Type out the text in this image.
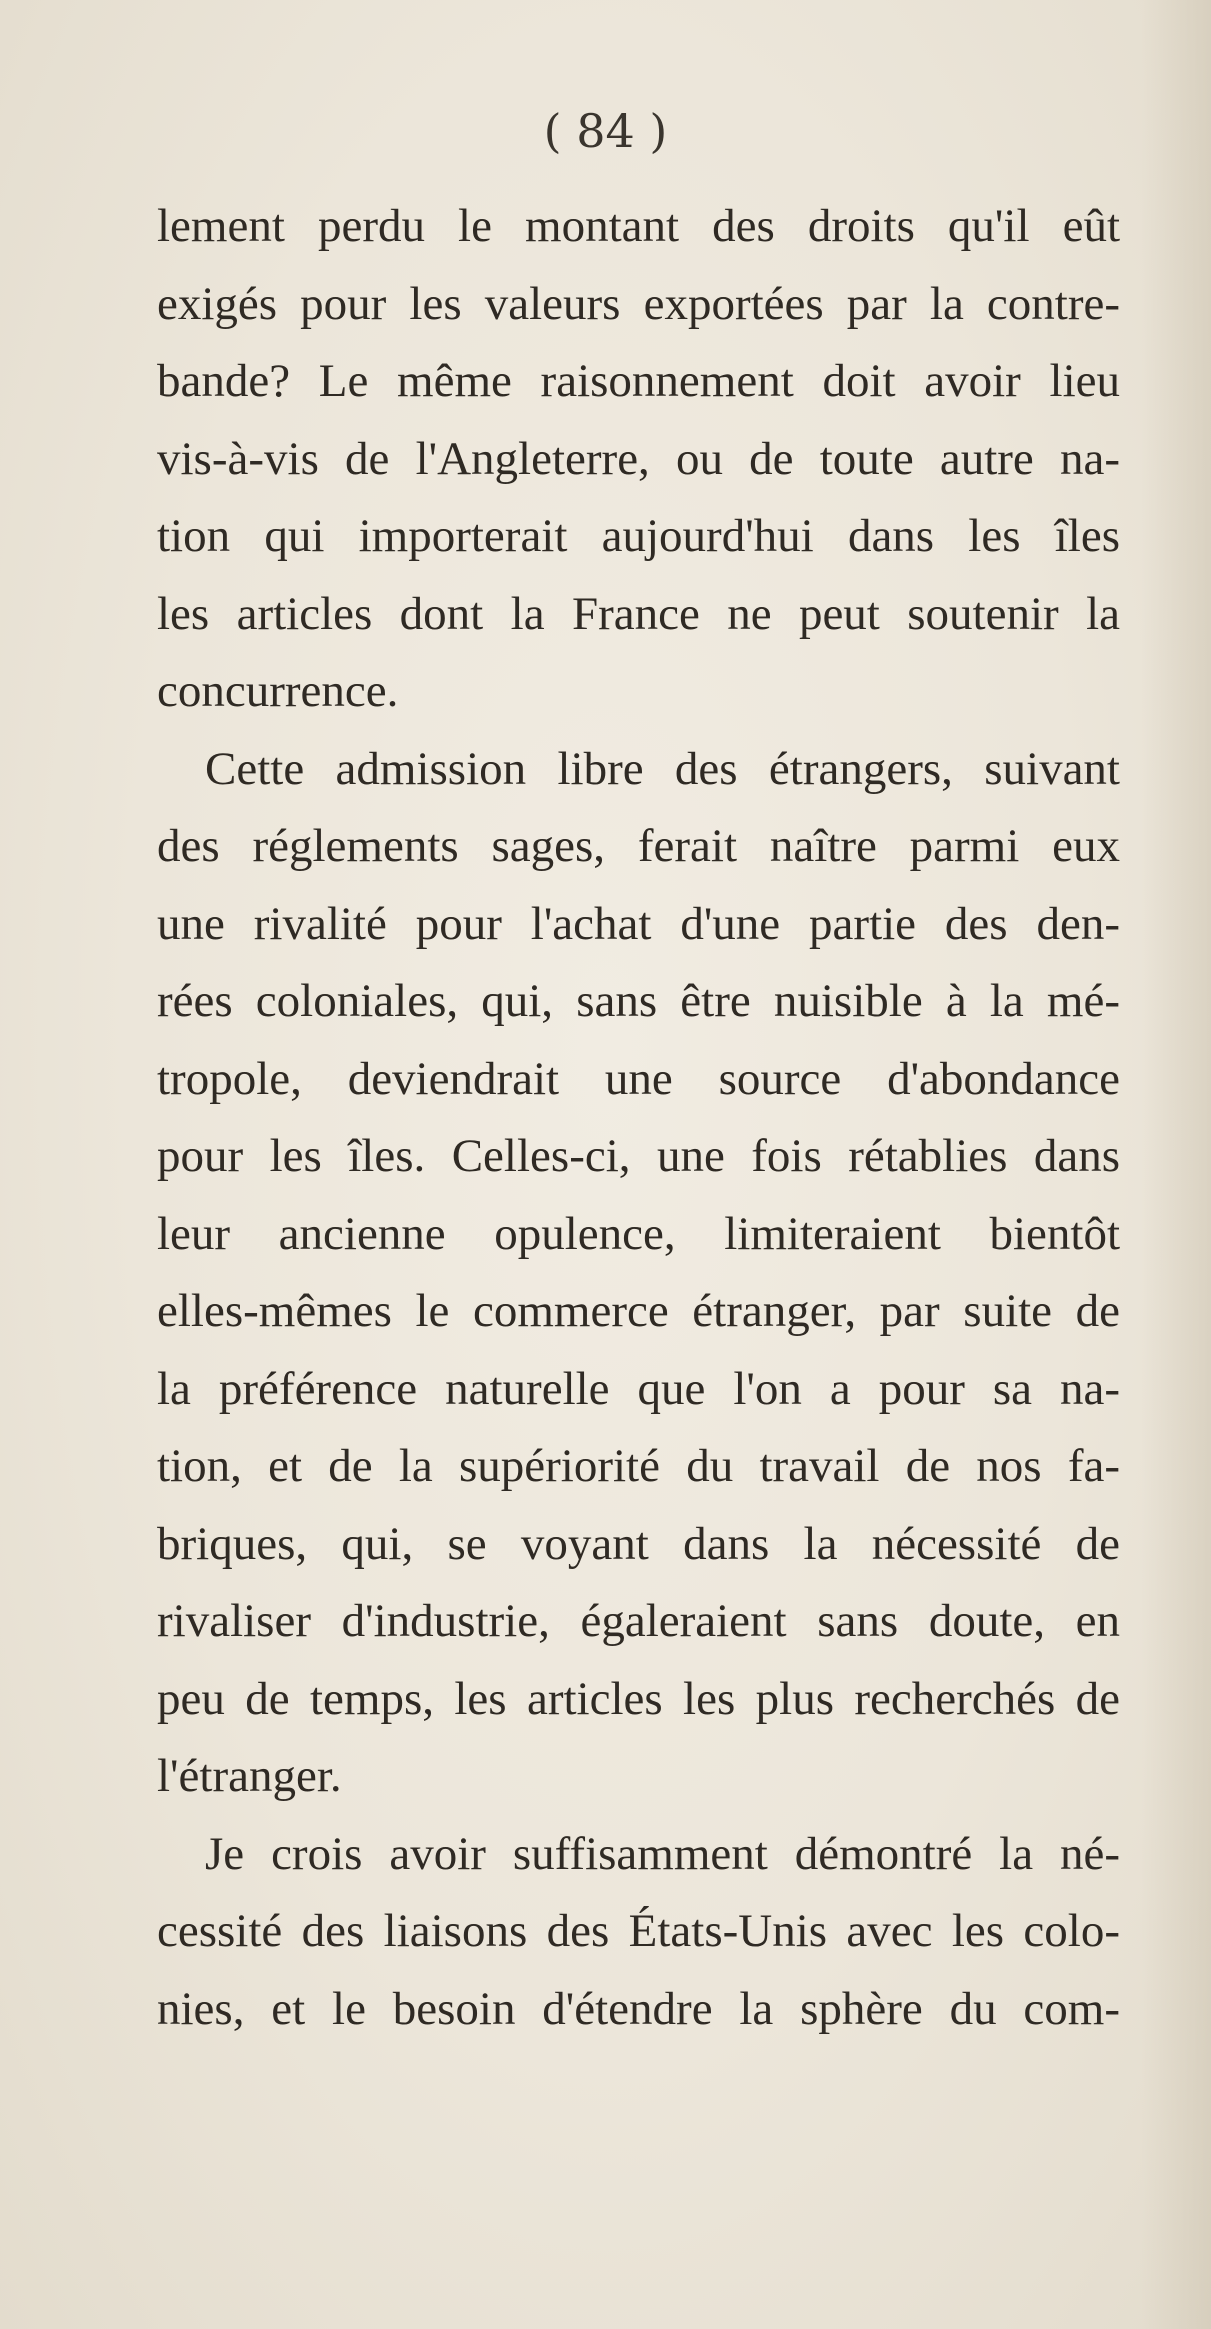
( 84 )
lement perdu le montant des droits qu'il eût
exigés pour les valeurs exportées par la contre-
bande? Le même raisonnement doit avoir lieu
vis-à-vis de l'Angleterre, ou de toute autre na-
tion qui importerait aujourd'hui dans les îles
les articles dont la France ne peut soutenir la
concurrence.
Cette admission libre des étrangers, suivant
des réglements sages, ferait naître parmi eux
une rivalité pour l'achat d'une partie des den-
rées coloniales, qui, sans être nuisible à la mé-
tropole, deviendrait une source d'abondance
pour les îles. Celles-ci, une fois rétablies dans
leur ancienne opulence, limiteraient bientôt
elles-mêmes le commerce étranger, par suite de
la préférence naturelle que l'on a pour sa na-
tion, et de la supériorité du travail de nos fa-
briques, qui, se voyant dans la nécessité de
rivaliser d'industrie, égaleraient sans doute, en
peu de temps, les articles les plus recherchés de
l'étranger.
Je crois avoir suffisamment démontré la né-
cessité des liaisons des États-Unis avec les colo-
nies, et le besoin d'étendre la sphère du com-
